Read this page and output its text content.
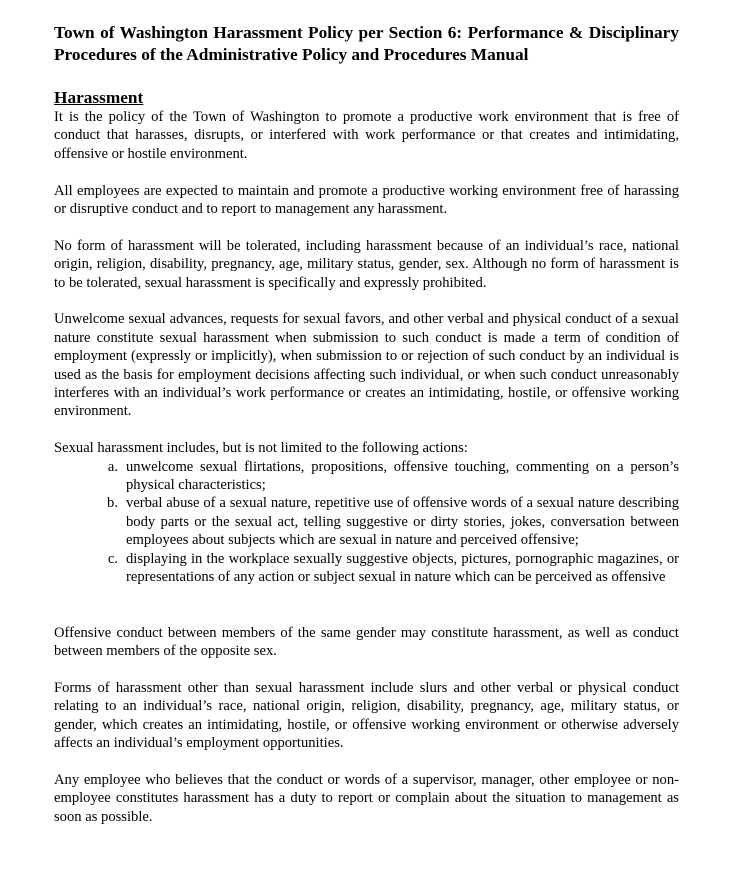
Town of Washington Harassment Policy per Section 6: Performance & Disciplinary Procedures of the Administrative Policy and Procedures Manual
Harassment

It is the policy of the Town of Washington to promote a productive work environment that is free of conduct that harasses, disrupts, or interfered with work performance or that creates and intimidating, offensive or hostile environment.

All employees are expected to maintain and promote a productive working environment free of harassing or disruptive conduct and to report to management any harassment.

No form of harassment will be tolerated, including harassment because of an individual’s race, national origin, religion, disability, pregnancy, age, military status, gender, sex. Although no form of harassment is to be tolerated, sexual harassment is specifically and expressly prohibited.

Unwelcome sexual advances, requests for sexual favors, and other verbal and physical conduct of a sexual nature constitute sexual harassment when submission to such conduct is made a term of condition of employment (expressly or implicitly), when submission to or rejection of such conduct by an individual is used as the basis for employment decisions affecting such individual, or when such conduct unreasonably interferes with an individual’s work performance or creates an intimidating, hostile, or offensive working environment.

Sexual harassment includes, but is not limited to the following actions:

a. unwelcome sexual flirtations, propositions, offensive touching, commenting on a person’s physical characteristics;
b. verbal abuse of a sexual nature, repetitive use of offensive words of a sexual nature describing body parts or the sexual act, telling suggestive or dirty stories, jokes, conversation between employees about subjects which are sexual in nature and perceived offensive;
c. displaying in the workplace sexually suggestive objects, pictures, pornographic magazines, or representations of any action or subject sexual in nature which can be perceived as offensive

Offensive conduct between members of the same gender may constitute harassment, as well as conduct between members of the opposite sex.

Forms of harassment other than sexual harassment include slurs and other verbal or physical conduct relating to an individual’s race, national origin, religion, disability, pregnancy, age, military status, or gender, which creates an intimidating, hostile, or offensive working environment or otherwise adversely affects an individual’s employment opportunities.

Any employee who believes that the conduct or words of a supervisor, manager, other employee or non-employee constitutes harassment has a duty to report or complain about the situation to management as soon as possible.
